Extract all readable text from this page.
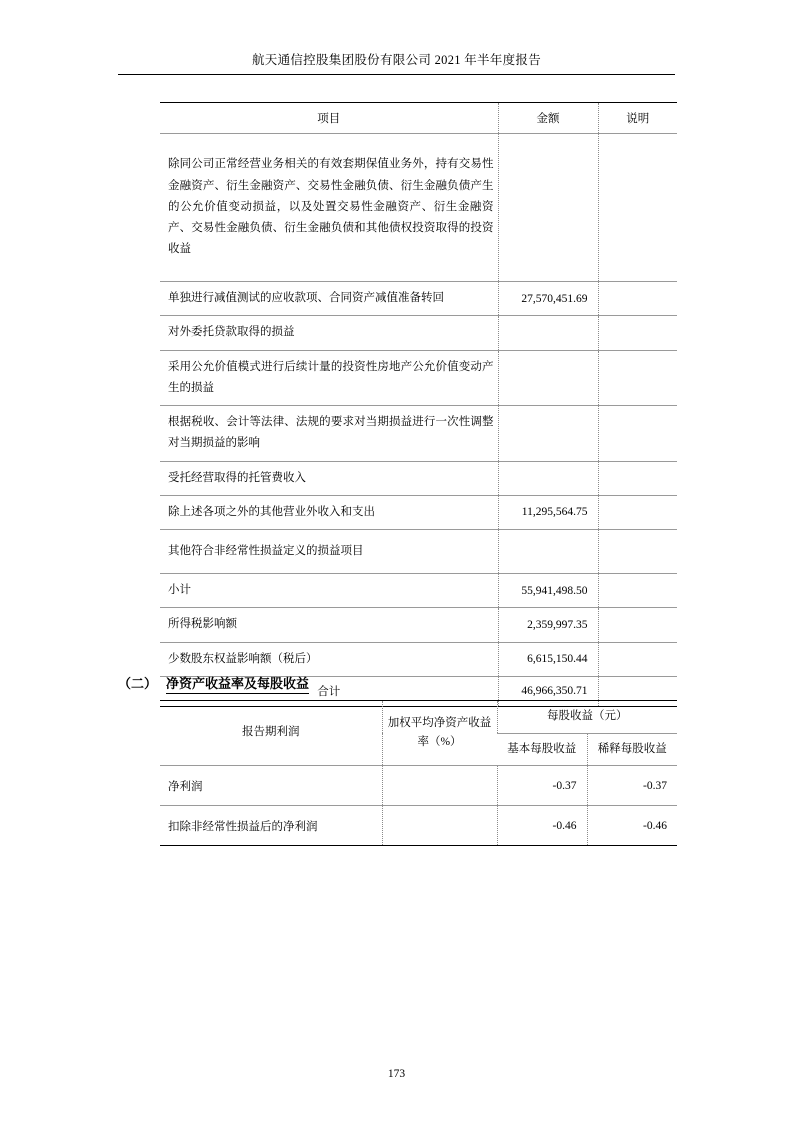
航天通信控股集团股份有限公司 2021 年半年度报告
项目	金额	说明
除同公司正常经营业务相关的有效套期保值业务外，持有交易性金融资产、衍生金融资产、交易性金融负债、衍生金融负债产生的公允价值变动损益，以及处置交易性金融资产、衍生金融资产、交易性金融负债、衍生金融负债和其他债权投资取得的投资收益		
单独进行减值测试的应收款项、合同资产减值准备转回	27,570,451.69	
对外委托贷款取得的损益		
采用公允价值模式进行后续计量的投资性房地产公允价值变动产生的损益		
根据税收、会计等法律、法规的要求对当期损益进行一次性调整对当期损益的影响		
受托经营取得的托管费收入		
除上述各项之外的其他营业外收入和支出	11,295,564.75	
其他符合非经常性损益定义的损益项目		
小计	55,941,498.50	
所得税影响额	2,359,997.35	
少数股东权益影响额（税后）	6,615,150.44	
合计	46,966,350.71	
（二） 净资产收益率及每股收益
报告期利润	加权平均净资产收益率（%）	每股收益（元）	
		基本每股收益	稀释每股收益
净利润		-0.37	-0.37
扣除非经常性损益后的净利润		-0.46	-0.46
173
